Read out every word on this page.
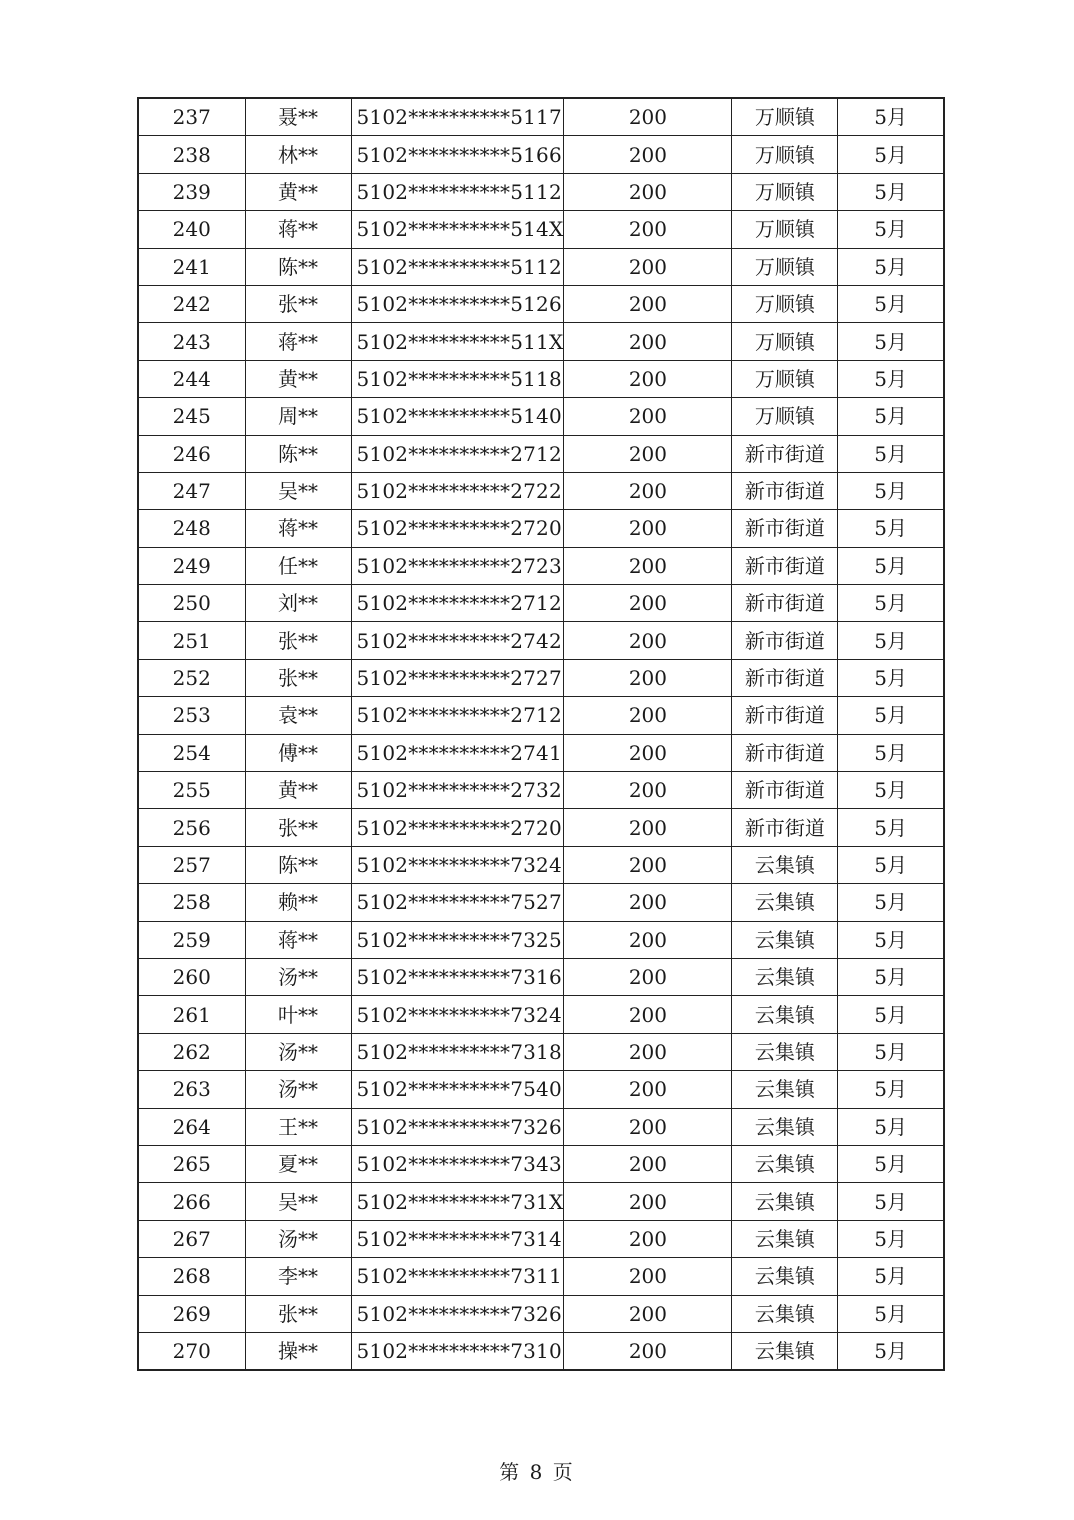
237	聂**	5102**********5117	200	万顺镇	5月
238	林**	5102**********5166	200	万顺镇	5月
239	黄**	5102**********5112	200	万顺镇	5月
240	蒋**	5102**********514X	200	万顺镇	5月
241	陈**	5102**********5112	200	万顺镇	5月
242	张**	5102**********5126	200	万顺镇	5月
243	蒋**	5102**********511X	200	万顺镇	5月
244	黄**	5102**********5118	200	万顺镇	5月
245	周**	5102**********5140	200	万顺镇	5月
246	陈**	5102**********2712	200	新市街道	5月
247	吴**	5102**********2722	200	新市街道	5月
248	蒋**	5102**********2720	200	新市街道	5月
249	任**	5102**********2723	200	新市街道	5月
250	刘**	5102**********2712	200	新市街道	5月
251	张**	5102**********2742	200	新市街道	5月
252	张**	5102**********2727	200	新市街道	5月
253	袁**	5102**********2712	200	新市街道	5月
254	傅**	5102**********2741	200	新市街道	5月
255	黄**	5102**********2732	200	新市街道	5月
256	张**	5102**********2720	200	新市街道	5月
257	陈**	5102**********7324	200	云集镇	5月
258	赖**	5102**********7527	200	云集镇	5月
259	蒋**	5102**********7325	200	云集镇	5月
260	汤**	5102**********7316	200	云集镇	5月
261	叶**	5102**********7324	200	云集镇	5月
262	汤**	5102**********7318	200	云集镇	5月
263	汤**	5102**********7540	200	云集镇	5月
264	王**	5102**********7326	200	云集镇	5月
265	夏**	5102**********7343	200	云集镇	5月
266	吴**	5102**********731X	200	云集镇	5月
267	汤**	5102**********7314	200	云集镇	5月
268	李**	5102**********7311	200	云集镇	5月
269	张**	5102**********7326	200	云集镇	5月
270	操**	5102**********7310	200	云集镇	5月
第 8 页
